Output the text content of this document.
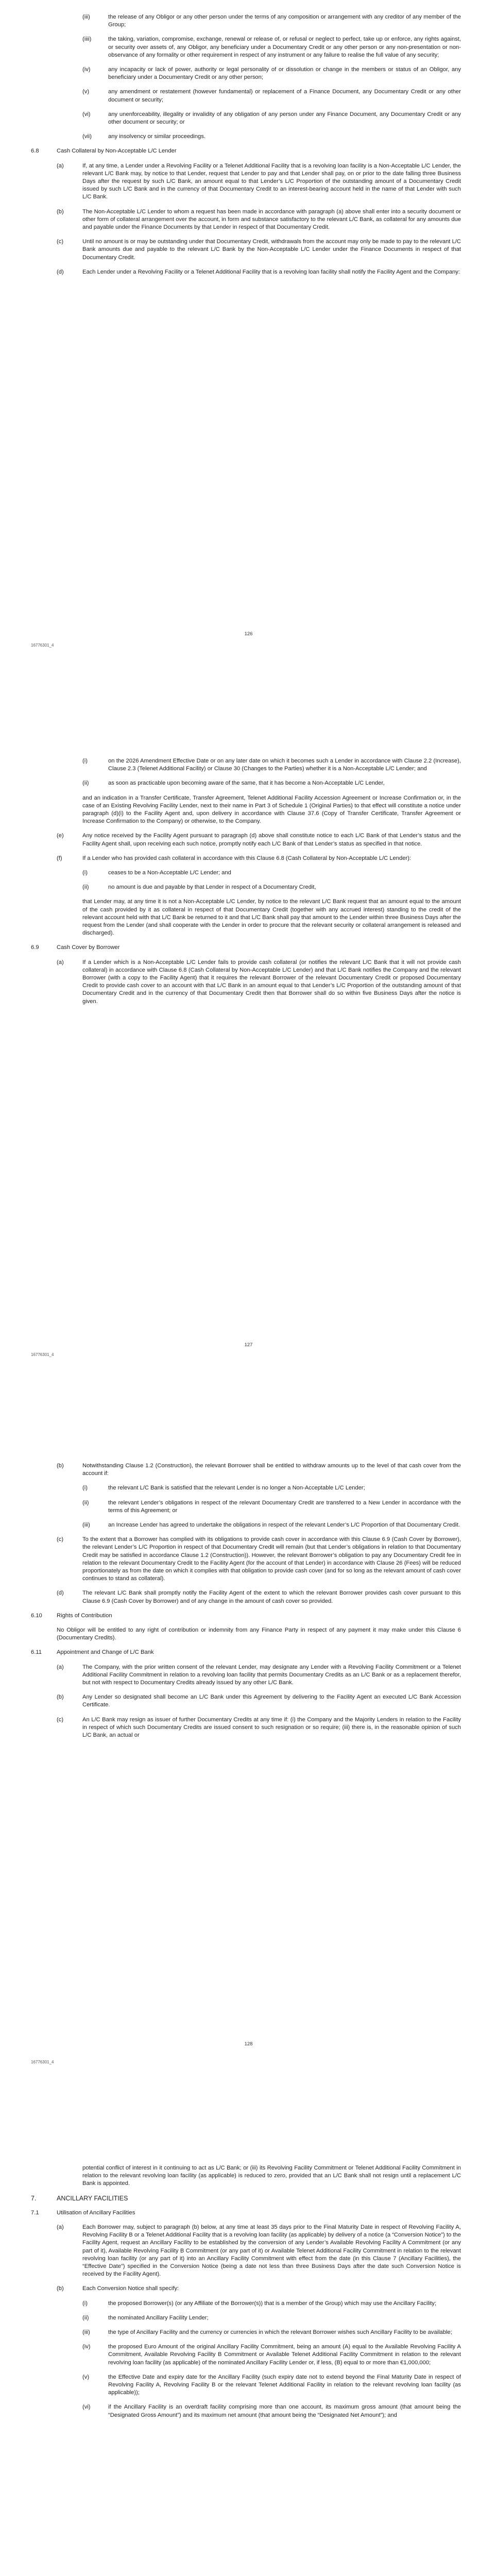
(iii)	the release of any Obligor or any other person under the terms of any composition or arrangement with any creditor of any member of the Group;
(iiii)	the taking, variation, compromise, exchange, renewal or release of, or refusal or neglect to perfect, take up or enforce, any rights against, or security over assets of, any Obligor, any beneficiary under a Documentary Credit or any other person or any non-presentation or non-observance of any formality or other requirement in respect of any instrument or any failure to realise the full value of any security;
(iv)	any incapacity or lack of power, authority or legal personality of or dissolution or change in the members or status of an Obligor, any beneficiary under a Documentary Credit or any other person;
(v)	any amendment or restatement (however fundamental) or replacement of a Finance Document, any Documentary Credit or any other document or security;
(vi)	any unenforceability, illegality or invalidity of any obligation of any person under any Finance Document, any Documentary Credit or any other document or security; or
(vii)	any insolvency or similar proceedings.
6.8	Cash Collateral by Non-Acceptable L/C Lender
(a)	If, at any time, a Lender under a Revolving Facility or a Telenet Additional Facility that is a revolving loan facility is a Non-Acceptable L/C Lender, the relevant L/C Bank may, by notice to that Lender, request that Lender to pay and that Lender shall pay, on or prior to the date falling three Business Days after the request by such L/C Bank, an amount equal to that Lender’s L/C Proportion of the outstanding amount of a Documentary Credit issued by such L/C Bank and in the currency of that Documentary Credit to an interest-bearing account held in the name of that Lender with such L/C Bank.
(b)	The Non-Acceptable L/C Lender to whom a request has been made in accordance with paragraph (a) above shall enter into a security document or other form of collateral arrangement over the account, in form and substance satisfactory to the relevant L/C Bank, as collateral for any amounts due and payable under the Finance Documents by that Lender in respect of that Documentary Credit.
(c)	Until no amount is or may be outstanding under that Documentary Credit, withdrawals from the account may only be made to pay to the relevant L/C Bank amounts due and payable to the relevant L/C Bank by the Non-Acceptable L/C Lender under the Finance Documents in respect of that Documentary Credit.
(d)	Each Lender under a Revolving Facility or a Telenet Additional Facility that is a revolving loan facility shall notify the Facility Agent and the Company:
16776301_4
126
(i)	on the 2026 Amendment Effective Date or on any later date on which it becomes such a Lender in accordance with Clause 2.2 (Increase), Clause 2.3 (Telenet Additional Facility) or Clause 30 (Changes to the Parties) whether it is a Non-Acceptable L/C Lender; and
(ii)	as soon as practicable upon becoming aware of the same, that it has become a Non-Acceptable L/C Lender,
and an indication in a Transfer Certificate, Transfer Agreement, Telenet Additional Facility Accession Agreement or Increase Confirmation or, in the case of an Existing Revolving Facility Lender, next to their name in Part 3 of Schedule 1 (Original Parties) to that effect will constitute a notice under paragraph (d)(i) to the Facility Agent and, upon delivery in accordance with Clause 37.6 (Copy of Transfer Certificate, Transfer Agreement or Increase Confirmation to the Company) or otherwise, to the Company.
(e)	Any notice received by the Facility Agent pursuant to paragraph (d) above shall constitute notice to each L/C Bank of that Lender’s status and the Facility Agent shall, upon receiving each such notice, promptly notify each L/C Bank of that Lender’s status as specified in that notice.
(f)	If a Lender who has provided cash collateral in accordance with this Clause 6.8 (Cash Collateral by Non-Acceptable L/C Lender):
(i)	ceases to be a Non-Acceptable L/C Lender; and
(ii)	no amount is due and payable by that Lender in respect of a Documentary Credit,
that Lender may, at any time it is not a Non-Acceptable L/C Lender, by notice to the relevant L/C Bank request that an amount equal to the amount of the cash provided by it as collateral in respect of that Documentary Credit (together with any accrued interest) standing to the credit of the relevant account held with that L/C Bank be returned to it and that L/C Bank shall pay that amount to the Lender within three Business Days after the request from the Lender (and shall cooperate with the Lender in order to procure that the relevant security or collateral arrangement is released and discharged).
6.9	Cash Cover by Borrower
(a)	If a Lender which is a Non-Acceptable L/C Lender fails to provide cash collateral (or notifies the relevant L/C Bank that it will not provide cash collateral) in accordance with Clause 6.8 (Cash Collateral by Non-Acceptable L/C Lender) and that L/C Bank notifies the Company and the relevant Borrower (with a copy to the Facility Agent) that it requires the relevant Borrower of the relevant Documentary Credit or proposed Documentary Credit to provide cash cover to an account with that L/C Bank in an amount equal to that Lender’s L/C Proportion of the outstanding amount of that Documentary Credit and in the currency of that Documentary Credit then that Borrower shall do so within five Business Days after the notice is given.
16776301_4
127
(b)	Notwithstanding Clause 1.2 (Construction), the relevant Borrower shall be entitled to withdraw amounts up to the level of that cash cover from the account if:
(i)	the relevant L/C Bank is satisfied that the relevant Lender is no longer a Non-Acceptable L/C Lender;
(ii)	the relevant Lender’s obligations in respect of the relevant Documentary Credit are transferred to a New Lender in accordance with the terms of this Agreement; or
(iii)	an Increase Lender has agreed to undertake the obligations in respect of the relevant Lender’s L/C Proportion of that Documentary Credit.
(c)	To the extent that a Borrower has complied with its obligations to provide cash cover in accordance with this Clause 6.9 (Cash Cover by Borrower), the relevant Lender’s L/C Proportion in respect of that Documentary Credit will remain (but that Lender’s obligations in relation to that Documentary Credit may be satisfied in accordance Clause 1.2 (Construction)). However, the relevant Borrower’s obligation to pay any Documentary Credit fee in relation to the relevant Documentary Credit to the Facility Agent (for the account of that Lender) in accordance with Clause 26 (Fees) will be reduced proportionately as from the date on which it complies with that obligation to provide cash cover (and for so long as the relevant amount of cash cover continues to stand as collateral).
(d)	The relevant L/C Bank shall promptly notify the Facility Agent of the extent to which the relevant Borrower provides cash cover pursuant to this Clause 6.9 (Cash Cover by Borrower) and of any change in the amount of cash cover so provided.
6.10	Rights of Contribution
No Obligor will be entitled to any right of contribution or indemnity from any Finance Party in respect of any payment it may make under this Clause 6 (Documentary Credits).
6.11	Appointment and Change of L/C Bank
(a)	The Company, with the prior written consent of the relevant Lender, may designate any Lender with a Revolving Facility Commitment or a Telenet Additional Facility Commitment in relation to a revolving loan facility that permits Documentary Credits as an L/C Bank or as a replacement therefor, but not with respect to Documentary Credits already issued by any other L/C Bank.
(b)	Any Lender so designated shall become an L/C Bank under this Agreement by delivering to the Facility Agent an executed L/C Bank Accession Certificate.
(c)	An L/C Bank may resign as issuer of further Documentary Credits at any time if: (i) the Company and the Majority Lenders in relation to the Facility in respect of which such Documentary Credits are issued consent to such resignation or so require; (iii) there is, in the reasonable opinion of such L/C Bank, an actual or
16776301_4
128
potential conflict of interest in it continuing to act as L/C Bank; or (iii) its Revolving Facility Commitment or Telenet Additional Facility Commitment in relation to the relevant revolving loan facility (as applicable) is reduced to zero, provided that an L/C Bank shall not resign until a replacement L/C Bank is appointed.
7.	ANCILLARY FACILITIES
7.1	Utilisation of Ancillary Facilities
(a)	Each Borrower may, subject to paragraph (b) below, at any time at least 35 days prior to the Final Maturity Date in respect of Revolving Facility A, Revolving Facility B or a Telenet Additional Facility that is a revolving loan facility (as applicable) by delivery of a notice (a “Conversion Notice”) to the Facility Agent, request an Ancillary Facility to be established by the conversion of any Lender’s Available Revolving Facility A Commitment (or any part of it), Available Revolving Facility B Commitment (or any part of it) or Available Telenet Additional Facility Commitment in relation to the relevant revolving loan facility (or any part of it) into an Ancillary Facility Commitment with effect from the date (in this Clause 7 (Ancillary Facilities), the “Effective Date”) specified in the Conversion Notice (being a date not less than three Business Days after the date such Conversion Notice is received by the Facility Agent).
(b)	Each Conversion Notice shall specify:
(i)	the proposed Borrower(s) (or any Affiliate of the Borrower(s)) that is a member of the Group) which may use the Ancillary Facility;
(ii)	the nominated Ancillary Facility Lender;
(iii)	the type of Ancillary Facility and the currency or currencies in which the relevant Borrower wishes such Ancillary Facility to be available;
(iv)	the proposed Euro Amount of the original Ancillary Facility Commitment, being an amount (A) equal to the Available Revolving Facility A Commitment, Available Revolving Facility B Commitment or Available Telenet Additional Facility Commitment in relation to the relevant revolving loan facility (as applicable) of the nominated Ancillary Facility Lender or, if less, (B) equal to or more than €1,000,000;
(v)	the Effective Date and expiry date for the Ancillary Facility (such expiry date not to extend beyond the Final Maturity Date in respect of Revolving Facility A, Revolving Facility B or the relevant Telenet Additional Facility in relation to the relevant revolving loan facility (as applicable));
(vi)	if the Ancillary Facility is an overdraft facility comprising more than one account, its maximum gross amount (that amount being the “Designated Gross Amount”) and its maximum net amount (that amount being the “Designated Net Amount”); and
